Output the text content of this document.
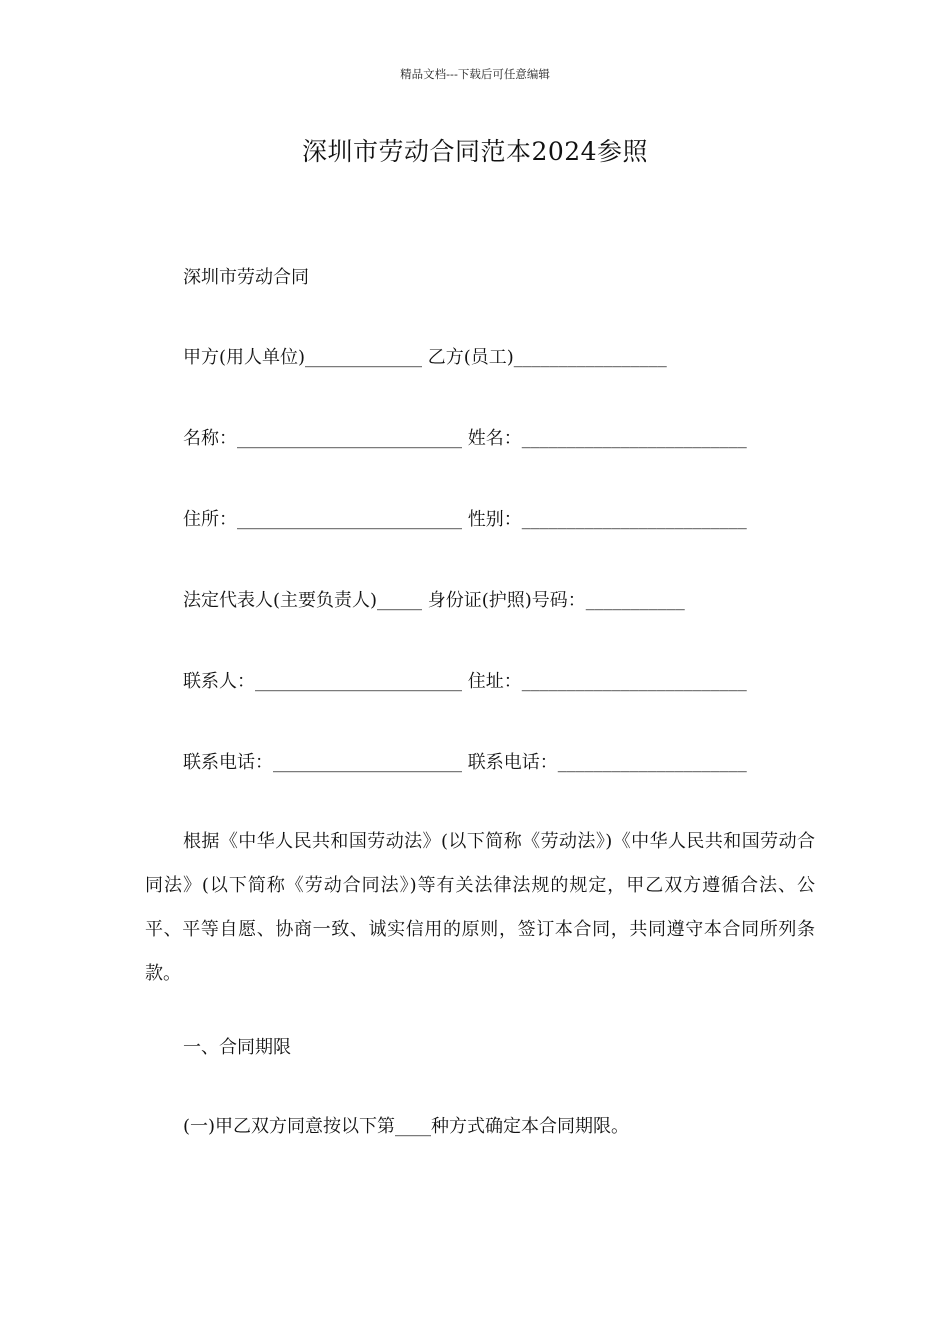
精品文档---下载后可任意编辑
深圳市劳动合同范本2024参照
深圳市劳动合同
甲方(用人单位)_____________ 乙方(员工)_________________
名称：_________________________ 姓名：_________________________
住所：_________________________ 性别：_________________________
法定代表人(主要负责人)_____ 身份证(护照)号码：___________
联系人：_______________________ 住址：_________________________
联系电话：_____________________ 联系电话：_____________________
根据《中华人民共和国劳动法》(以下简称《劳动法》)《中华人民共和国劳动合同法》(以下简称《劳动合同法》)等有关法律法规的规定，甲乙双方遵循合法、公平、平等自愿、协商一致、诚实信用的原则，签订本合同，共同遵守本合同所列条款。
一、合同期限
(一)甲乙双方同意按以下第____种方式确定本合同期限。
